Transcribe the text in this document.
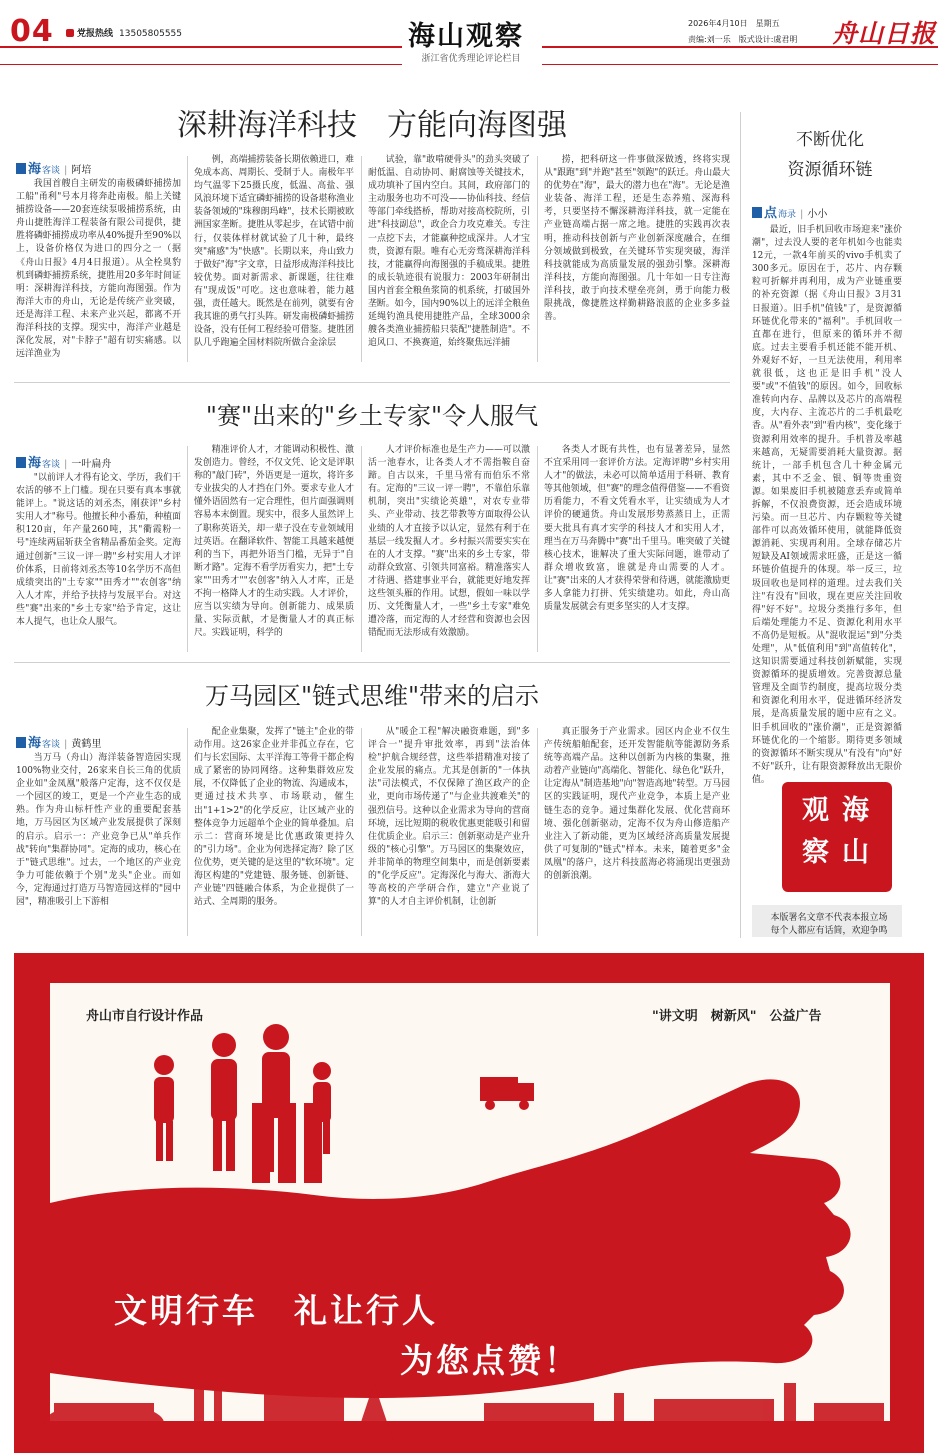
04	党报热线 13505805555	海山观察
浙江省优秀理论评论栏目
2026年4月10日　星期五
责编:刘一乐　版式设计:虞君明 舟山日报
深耕海洋科技　方能向海图强
海客谈 | 阿培

我国首艘自主研发的南极磷虾捕捞加工船"甬利"号本月将奔赴南极。船上关键捕捞设备——20套连续泵吸捕捞系统，由舟山捷胜海洋工程装备有限公司提供，捷胜将磷虾捕捞成功率从40%提升至90%以上，设备价格仅为进口的四分之一（据《舟山日报》4月4日报道）。从全栓臭豹机到磷虾捕捞系统，捷胜用20多年时间证明：深耕海洋科技，方能向海图强。作为海洋大市的舟山，无论是传统产业突破，还是海洋工程、未来产业兴起，都离不开海洋科技的支撑。现实中，海洋产业越是深化发展，对"卡脖子"超有切实痛感。以远洋渔业为

例，高端捕捞装备长期依赖进口，难免成本高、周期长、受制于人。南极年平均气温零下25摄氏度，低温、高盐、强风浪环境下适宜磷虾捕捞的设备堪称渔业装备领域的"珠穆朗玛峰"，技术长期被欧洲国家垄断。捷胜从零起步，在试错中前行，仅装体样材就试验了几十种，最终突"痛感"为"快感"。长期以来，舟山致力于做好"海"字文章，日益形成海洋科技比较优势。面对新需求、新课题，往往难有"现成饭"可吃。这也意味着，能力越强，责任越大。既然是在前列，就要有舍我其谁的勇气打头阵。研发南极磷虾捕捞设备，没有任何工程经验可借鉴。捷胜团队几乎跑遍全国材料院所做合金涂层

试验，靠"敢啃硬骨头"的劲头突破了耐低温、自动协同、耐腐蚀等关键技术，成功填补了国内空白。其间，政府部门的主动服务也功不可没——协仙科技、经信等部门牵线搭桥，帮助对接高校院所，引进"科技副总"，政企合力攻克难关。专注一点挖下去，才能赢种挖成深井。人才宝贵，资源有限。唯有心无旁骛深耕海洋科技，才能赢得向海图强的手稿成果。捷胜的成长轨迹很有说服力：2003年研制出国内首套全粮鱼浆筒的机系统，打破国外垄断。如今，国内90%以上的远洋全粮鱼延绳钓渔具使用捷胜产品，全球3000余艘各类渔业捕捞船只装配"捷胜制造"。不追风口、不换赛道，始终聚焦远洋捕

捞，把科研这一件事做深做透，终将实现从"跟跑"到"并跑"甚至"领跑"的跃迁。舟山最大的优势在"海"，最大的潜力也在"海"。无论是渔业装备、海洋工程，还是生态养殖、深海科考，只要坚持不懈深耕海洋科技，就一定能在产业链高端占据一席之地。捷胜的实践再次表明，推动科技创新与产业创新深度融合，在细分领域做到极致，在关键环节实现突破，海洋科技就能成为高质量发展的强劲引擎。深耕海洋科技，方能向海图强。几十年如一日专注海洋科技，敢于向技术壁垒亮剑，勇于向能力极限挑战，像捷胜这样勤耕路浪蓝的企业多多益善。

"赛"出来的"乡土专家"令人服气
海客谈 | 一叶扁舟

"以前评人才得有论文、学历，我们干农活的够不上门槛。现在只要有真本事就能评上。"说这话的刘丞杰，刚获评"乡村实用人才"称号。他擅长种小番茄，种植面积120亩，年产量260吨，其"衢霞粉一号"连续两届斩获全省精品番茄金奖。定海通过创新"三议一评一聘"乡村实用人才评价体系，日前将刘丞杰等10名学历不高但成绩突出的"土专家""田秀才""农创客"纳入人才库，并给予扶持与发展平台。对这些"赛"出来的"乡土专家"给予肯定，这让本人提气，也让众人服气。

精准评价人才，才能调动积极性、激发创造力。曾经，不仅文凭、论文是评职称的"敲门砖"，外语更是一道坎，将许多专业拔尖的人才挡在门外。要求专业人才懂外语固然有一定合理性，但片面强调则容易本末倒置。现实中，很多人虽然评上了职称英语关，却一辈子没在专业领域用过英语。在翻译软件、智能工具越来越便利的当下，再把外语当门槛，无异于"自断才路"。定海不看学历看实力，把"土专家""田秀才""农创客"纳入人才库，正是不拘一格降人才的生动实践。人才评价，应当以实绩为导向。创新能力、成果质量、实际贡献，才是衡量人才的真正标尺。实践证明，科学的

人才评价标准也是生产力——可以激活一池春水，让各类人才不需指鞍自奋蹄。自古以来，千里马常有而伯乐不常有。定海的"三议一评一聘"，不靠伯乐靠机制，突出"实绩论英雄"，对农专业带头、产业带动、技艺带教等方面取得公认业绩的人才直接予以认定，显然有利于在基层一线发掘人才。乡村振兴需要实实在在的人才支撑。"赛"出来的乡土专家，带动群众致富、引领共同富裕。精准落实人才待遇、搭建事业平台，就能更好地发挥这些领头雁的作用。试想，假如一味以学历、文凭衡量人才，一些"乡土专家"难免遭冷落，而定海的人才经营和资源也会因错配而无法形成有效激励。

各类人才既有共性，也有显著差异，显然不宜采用同一套评价方法。定海评聘"乡村实用人才"的做法，未必可以简单适用于科研、教育等其他领域，但"赛"的理念值得借鉴——不看资历看能力，不看文凭看水平，让实绩成为人才评价的硬通货。舟山发展形势蒸蒸日上，正需要大批具有真才实学的科技人才和实用人才，理当在万马奔腾中"赛"出千里马。唯突破了关键核心技术，谁解决了重大实际问题，谁带动了群众增收致富，谁就是舟山需要的人才。让"赛"出来的人才获得荣誉和待遇，就能激励更多人拿能力打拼、凭实绩建功。如此，舟山高质量发展就会有更多坚实的人才支撑。

万马园区"链式思维"带来的启示
海客谈 | 黄鹤里

当万马（舟山）海洋装备智造园实现100%物业交付，26家来自长三角的优质企业如"金凤凰"般落户定海，这不仅仅是一个园区的竣工，更是一个产业生态的成熟。作为舟山标杆性产业的重要配套基地，万马园区为区域产业发展提供了深刻的启示。启示一：产业竞争已从"单兵作战"转向"集群协同"。定海的成功，核心在于"链式思维"。过去，一个地区的产业竞争力可能依赖于个别"龙头"企业。而如今，定海通过打造万马智造园这样的"园中园"，精准吸引上下游相

配企业集聚，发挥了"链主"企业的带动作用。这26家企业并非孤立存在，它们与长宏国际、太平洋海工等骨干都企构成了紧密的协同网络。这种集群效应发展，不仅降低了企业的物流、沟通成本，更通过技术共享、市场联动，催生出"1+1>2"的化学反应，让区域产业的整体竞争力远超单个企业的简单叠加。启示二：营商环境是比优惠政策更持久的"引力场"。企业为何选择定海？除了区位优势，更关键的是这里的"软环境"。定海区构建的"党建链、服务链、创新链、产业链"四链融合体系，为企业提供了一站式、全周期的服务。

从"暖企工程"解决融资难题，到"多评合一"提升审批效率，再到"法治体检"护航合规经营，这些举措精准对接了企业发展的痛点。尤其是创新的"一体执法"司法模式，不仅保障了渔区政产的企业，更向市场传递了"与企业共渡难关"的强烈信号。这种以企业需求为导向的营商环境，远比短期的税收优惠更能吸引和留住优质企业。启示三：创新驱动是产业升级的"核心引擎"。万马园区的集聚效应，并非简单的物理空间集中，而是创新要素的"化学反应"。定海深化与海大、浙海大等高校的产学研合作，建立"产业说了算"的人才自主评价机制，让创新

真正服务于产业需求。园区内企业不仅生产传统船舶配套，还开发智能航等能源防务系统等高端产品。这种以创新为内核的集聚，推动着产业链向"高端化、智能化、绿色化"跃升，让定海从"制造基地"向"智造高地"转型。万马园区的实践证明，现代产业竞争，本质上是产业链生态的竞争。通过集群化发展、优化营商环境、强化创新驱动，定海不仅为舟山修造船产业注入了新动能，更为区域经济高质量发展提供了可复制的"链式"样本。未来，随着更多"金凤凰"的落户，这片科技蓝海必将涌现出更强劲的创新浪潮。

不断优化
资源循环链
点海录 | 小小

最近，旧手机回收市场迎来"涨价潮"，过去没人要的老年机如今也能卖12元，一款4年前买的vivo手机卖了300多元。原因在于，芯片、内存颗粒可折解并再利用，成为产业链重要的补充资源（据《舟山日报》3月31日报道）。旧手机"值钱"了，是资源循环链优化带来的"福利"。手机回收一直都在进行，但原来的循环并不彻底。过去主要看手机还能不能开机、外观好不好，一旦无法使用，利用率就很低，这也正是旧手机"没人要"或"不值钱"的原因。如今，回收标准转向内存、品牌以及芯片的高端程度，大内存、主流芯片的二手机最吃香。从"看外表"到"看内核"，变化缘于资源利用效率的提升。手机普及率越来越高，无疑需要消耗大量资源。据统计，一部手机包含几十种金属元素，其中不乏金、银、铜等贵重资源。如果废旧手机被随意丢弃或简单拆解，不仅浪费资源，还会造成环境污染。而一旦芯片、内存颗粒等关键部件可以高效循环使用，就能降低资源消耗、实现再利用。全球存储芯片短缺及AI领域需求旺盛，正是这一循环链价值提升的体现。举一反三，垃圾回收也是同样的道理。过去我们关注"有没有"回收，现在更应关注回收得"好不好"。垃圾分类推行多年，但后端处理能力不足、资源化利用水平不高仍是短板。从"混收混运"到"分类处理"，从"低值利用"到"高值转化"，这知识需要通过科技创新赋能，实现资源循环的提质增效。完善资源总量管理及全面节约制度，提高垃圾分类和资源化利用水平，促进循环经济发展，是高质量发展的题中应有之义。旧手机回收的"涨价潮"，正是资源循环链优化的一个缩影。期待更多领域的资源循环不断实现从"有没有"向"好不好"跃升，让有限资源释放出无限价值。

海
山
观
察
本版署名文章不代表本报立场
每个人都应有话简，欢迎争鸣
舟山市自行设计作品	"讲文明　树新风"　公益广告
文明行车　礼让行人
为您点赞！
